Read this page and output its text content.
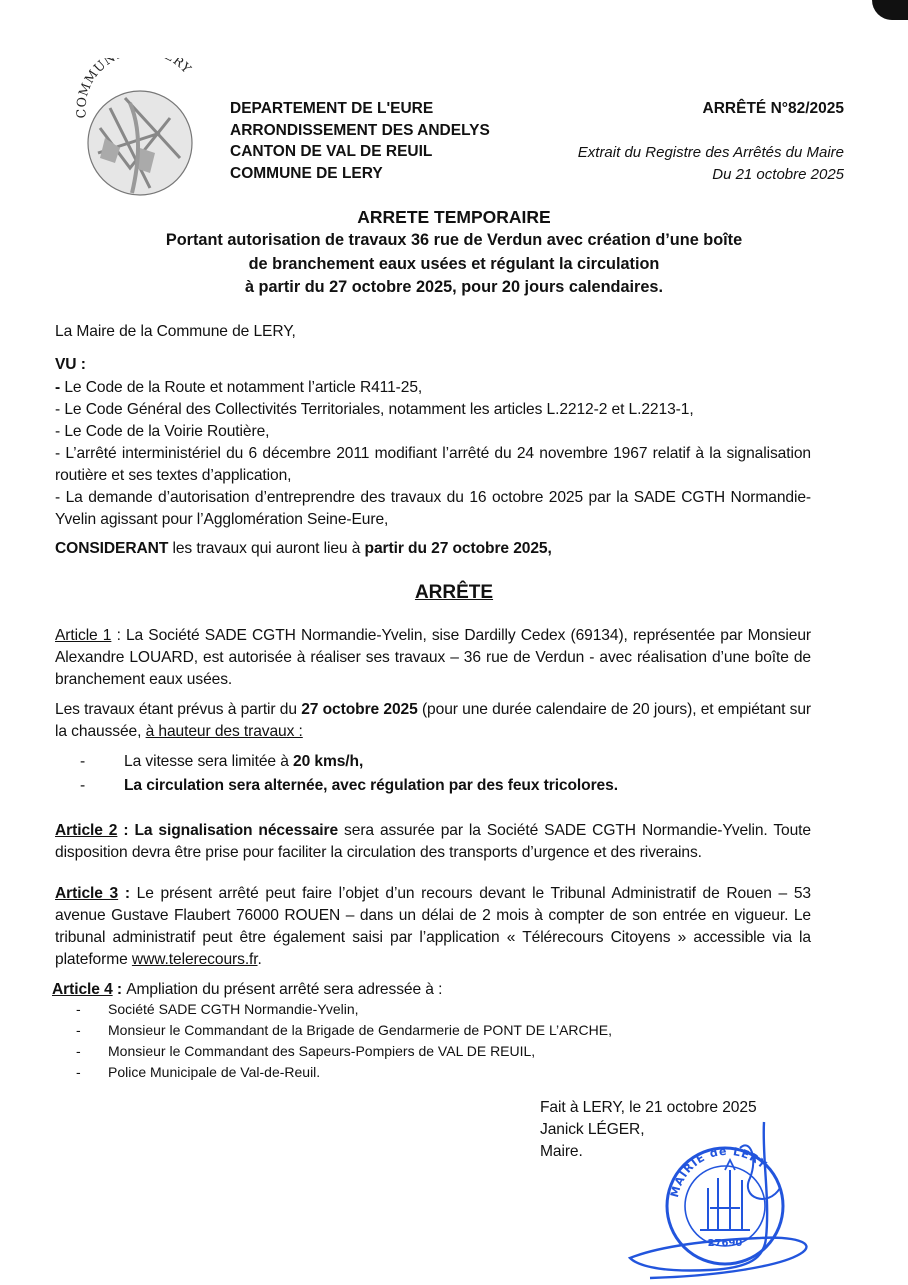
COMMUN RY
DEPARTEMENT DE L'EURE
ARRONDISSEMENT DES ANDELYS
CANTON DE VAL DE REUIL
COMMUNE DE LERY
ARRÊTÉ N°82/2025
Extrait du Registre des Arrêtés du Maire
Du 21 octobre 2025
ARRETE TEMPORAIRE
Portant autorisation de travaux 36 rue de Verdun avec création d’une boîte
de branchement eaux usées et régulant la circulation
à partir du 27 octobre 2025, pour 20 jours calendaires.
La Maire de la Commune de LERY,
VU :
- Le Code de la Route et notamment l’article R411-25,
- Le Code Général des Collectivités Territoriales, notamment les articles L.2212-2 et L.2213-1,
- Le Code de la Voirie Routière,
- L’arrêté interministériel du 6 décembre 2011 modifiant l’arrêté du 24 novembre 1967 relatif à la signalisation routière et ses textes d’application,
- La demande d’autorisation d’entreprendre des travaux du 16 octobre 2025 par la SADE CGTH Normandie-Yvelin agissant pour l’Agglomération Seine-Eure,
CONSIDERANT les travaux qui auront lieu à partir du 27 octobre 2025,
ARRÊTE
Article 1 : La Société SADE CGTH Normandie-Yvelin, sise Dardilly Cedex (69134), représentée par Monsieur Alexandre LOUARD, est autorisée à réaliser ses travaux – 36 rue de Verdun - avec réalisation d’une boîte de branchement eaux usées.
Les travaux étant prévus à partir du 27 octobre 2025 (pour une durée calendaire de 20 jours), et empiétant sur la chaussée, à hauteur des travaux :
- La vitesse sera limitée à 20 kms/h,
- La circulation sera alternée, avec régulation par des feux tricolores.
Article 2 : La signalisation nécessaire sera assurée par la Société SADE CGTH Normandie-Yvelin. Toute disposition devra être prise pour faciliter la circulation des transports d’urgence et des riverains.
Article 3 : Le présent arrêté peut faire l’objet d’un recours devant le Tribunal Administratif de Rouen – 53 avenue Gustave Flaubert 76000 ROUEN – dans un délai de 2 mois à compter de son entrée en vigueur. Le tribunal administratif peut être également saisi par l’application « Télérecours Citoyens » accessible via la plateforme www.telerecours.fr.
Article 4 : Ampliation du présent arrêté sera adressée à :
- Société SADE CGTH Normandie-Yvelin,
- Monsieur le Commandant de la Brigade de Gendarmerie de PONT DE L’ARCHE,
- Monsieur le Commandant des Sapeurs-Pompiers de VAL DE REUIL,
- Police Municipale de Val-de-Reuil.
Fait à LERY, le 21 octobre 2025
Janick LÉGER,
Maire.
MAIRIE de LERY
27690
